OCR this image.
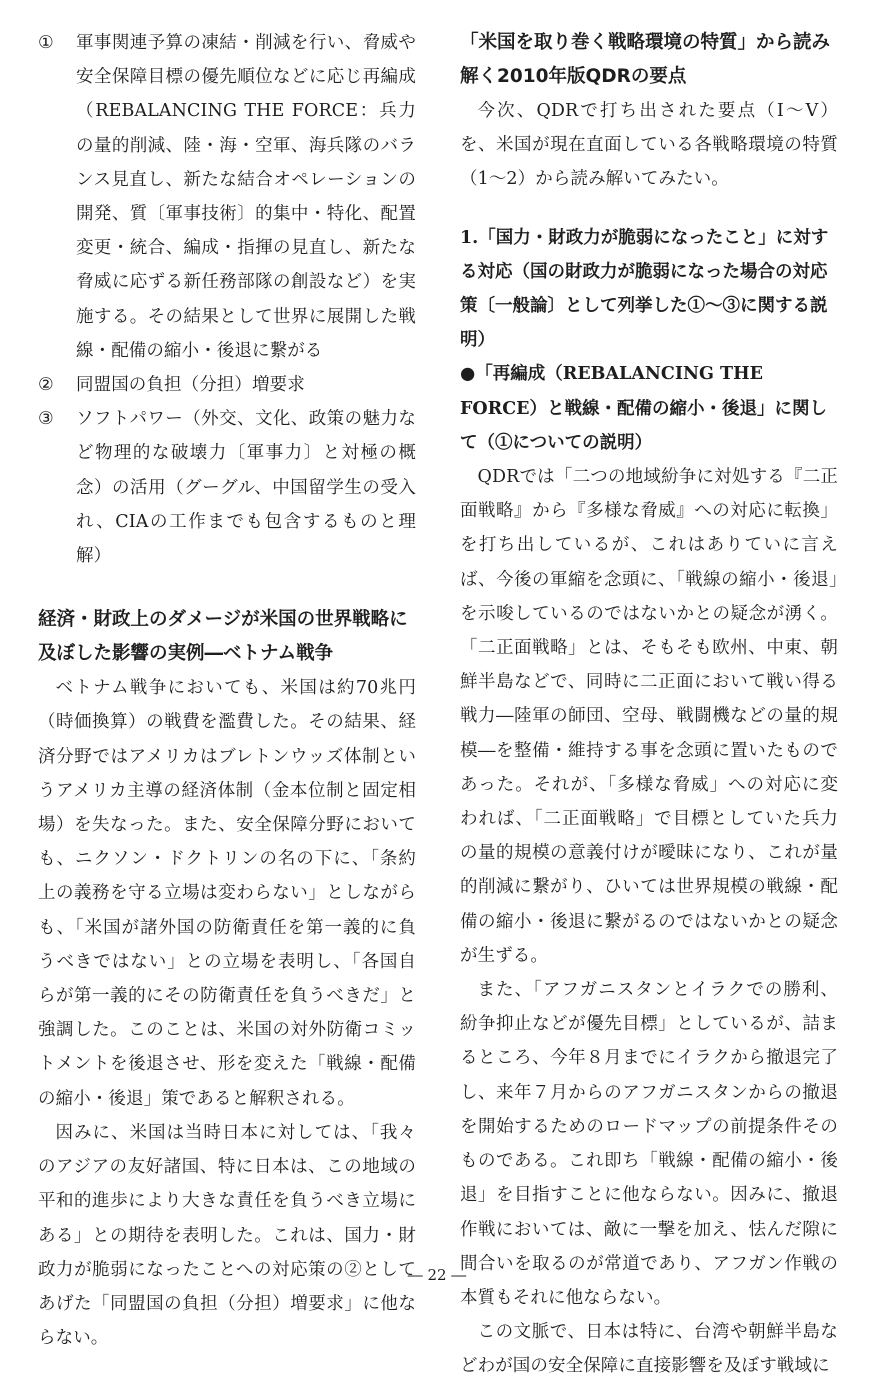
①	軍事関連予算の凍結・削減を行い、脅威や安全保障目標の優先順位などに応じ再編成（REBALANCING THE FORCE：兵力の量的削減、陸・海・空軍、海兵隊のバランス見直し、新たな結合オペレーションの開発、質〔軍事技術〕的集中・特化、配置変更・統合、編成・指揮の見直し、新たな脅威に応ずる新任務部隊の創設など）を実施する。その結果として世界に展開した戦線・配備の縮小・後退に繋がる

②	同盟国の負担（分担）増要求

③	ソフトパワー（外交、文化、政策の魅力など物理的な破壊力〔軍事力〕と対極の概念）の活用（グーグル、中国留学生の受入れ、CIAの工作までも包含するものと理解）

経済・財政上のダメージが米国の世界戦略に及ぼした影響の実例―ベトナム戦争

ベトナム戦争においても、米国は約70兆円（時価換算）の戦費を濫費した。その結果、経済分野ではアメリカはブレトンウッズ体制というアメリカ主導の経済体制（金本位制と固定相場）を失なった。また、安全保障分野においても、ニクソン・ドクトリンの名の下に、「条約上の義務を守る立場は変わらない」としながらも、「米国が諸外国の防衛責任を第一義的に負うべきではない」との立場を表明し、「各国自らが第一義的にその防衛責任を負うべきだ」と強調した。このことは、米国の対外防衛コミットメントを後退させ、形を変えた「戦線・配備の縮小・後退」策であると解釈される。

因みに、米国は当時日本に対しては、「我々のアジアの友好諸国、特に日本は、この地域の平和的進歩により大きな責任を負うべき立場にある」との期待を表明した。これは、国力・財政力が脆弱になったことへの対応策の②としてあげた「同盟国の負担（分担）増要求」に他ならない。

「米国を取り巻く戦略環境の特質」から読み解く2010年版QDRの要点

今次、QDRで打ち出された要点（Ⅰ～Ⅴ）を、米国が現在直面している各戦略環境の特質（1～2）から読み解いてみたい。

1.「国力・財政力が脆弱になったこと」に対する対応（国の財政力が脆弱になった場合の対応策〔一般論〕として列挙した①～③に関する説明）

●「再編成（REBALANCING THE FORCE）と戦線・配備の縮小・後退」に関して（①についての説明）

QDRでは「二つの地域紛争に対処する『二正面戦略』から『多様な脅威』への対応に転換」を打ち出しているが、これはありていに言えば、今後の軍縮を念頭に、「戦線の縮小・後退」を示唆しているのではないかとの疑念が湧く。「二正面戦略」とは、そもそも欧州、中東、朝鮮半島などで、同時に二正面において戦い得る戦力―陸軍の師団、空母、戦闘機などの量的規模―を整備・維持する事を念頭に置いたものであった。それが、「多様な脅威」への対応に変われば、「二正面戦略」で目標としていた兵力の量的規模の意義付けが曖昧になり、これが量的削減に繋がり、ひいては世界規模の戦線・配備の縮小・後退に繋がるのではないかとの疑念が生ずる。

また、「アフガニスタンとイラクでの勝利、紛争抑止などが優先目標」としているが、詰まるところ、今年８月までにイラクから撤退完了し、来年７月からのアフガニスタンからの撤退を開始するためのロードマップの前提条件そのものである。これ即ち「戦線・配備の縮小・後退」を目指すことに他ならない。因みに、撤退作戦においては、敵に一撃を加え、怯んだ隙に間合いを取るのが常道であり、アフガン作戦の本質もそれに他ならない。

この文脈で、日本は特に、台湾や朝鮮半島などわが国の安全保障に直接影響を及ぼす戦域に

― 22 ―
